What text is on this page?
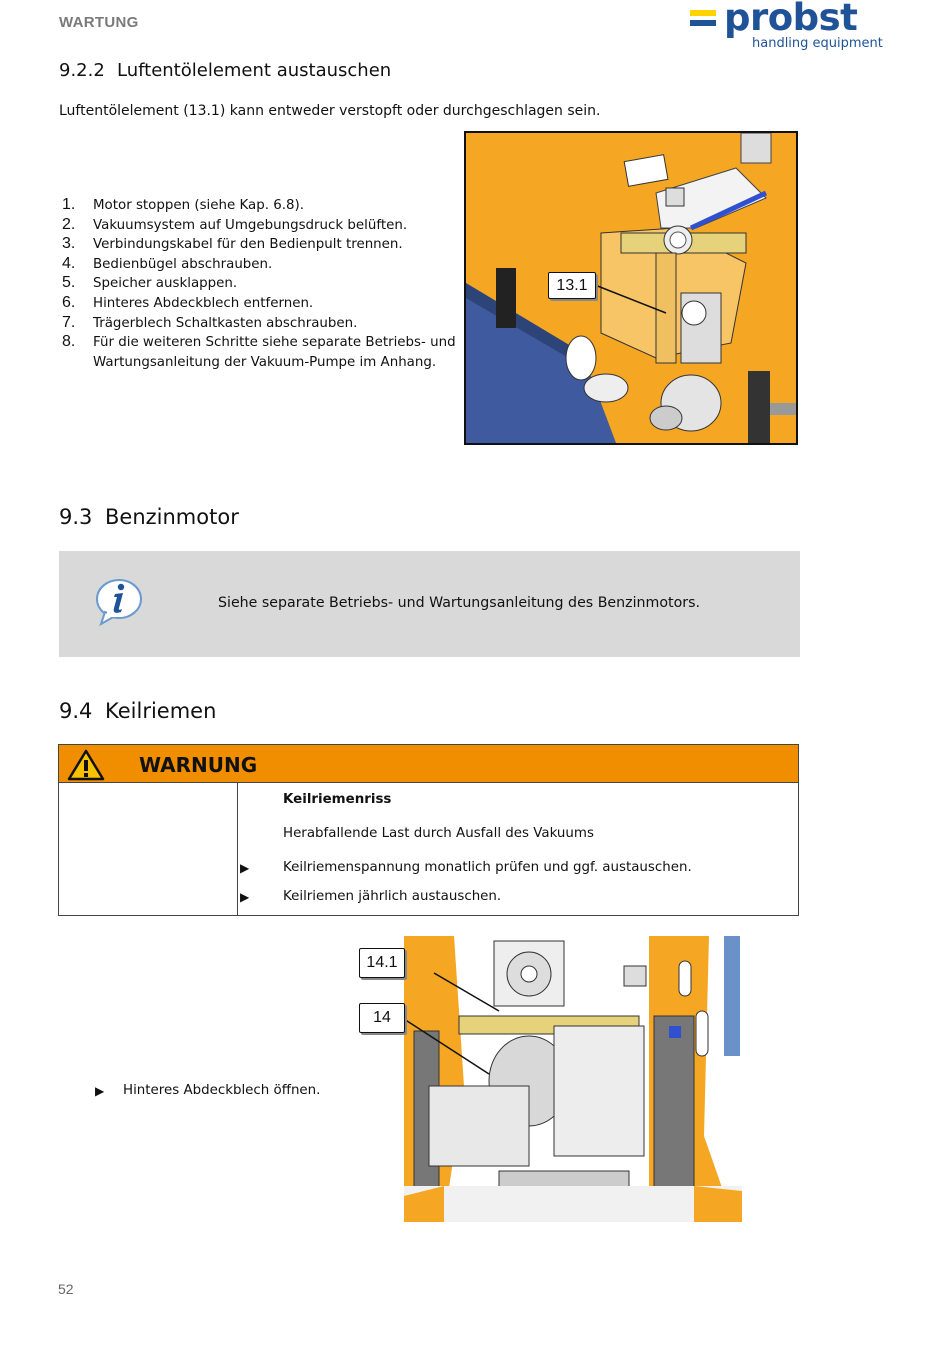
WARTUNG	probst
handling equipment
9.2.2 Luftentölelement austauschen
Luftentölelement (13.1) kann entweder verstopft oder durchgeschlagen sein.
1. Motor stoppen (siehe Kap. 6.8).
2. Vakuumsystem auf Umgebungsdruck belüften.
3. Verbindungskabel für den Bedienpult trennen.
4. Bedienbügel abschrauben.
5. Speicher ausklappen.
6. Hinteres Abdeckblech entfernen.
7. Trägerblech Schaltkasten abschrauben.
8. Für die weiteren Schritte siehe separate Betriebs- und Wartungsanleitung der Vakuum-Pumpe im Anhang.
13.1
9.3 Benzinmotor
Siehe separate Betriebs- und Wartungsanleitung des Benzinmotors.
9.4 Keilriemen
WARNUNG
Keilriemenriss
Herabfallende Last durch Ausfall des Vakuums
▶	Keilriemenspannung monatlich prüfen und ggf. austauschen.
▶	Keilriemen jährlich austauschen.
▶ Hinteres Abdeckblech öffnen.
14.1
14
52
